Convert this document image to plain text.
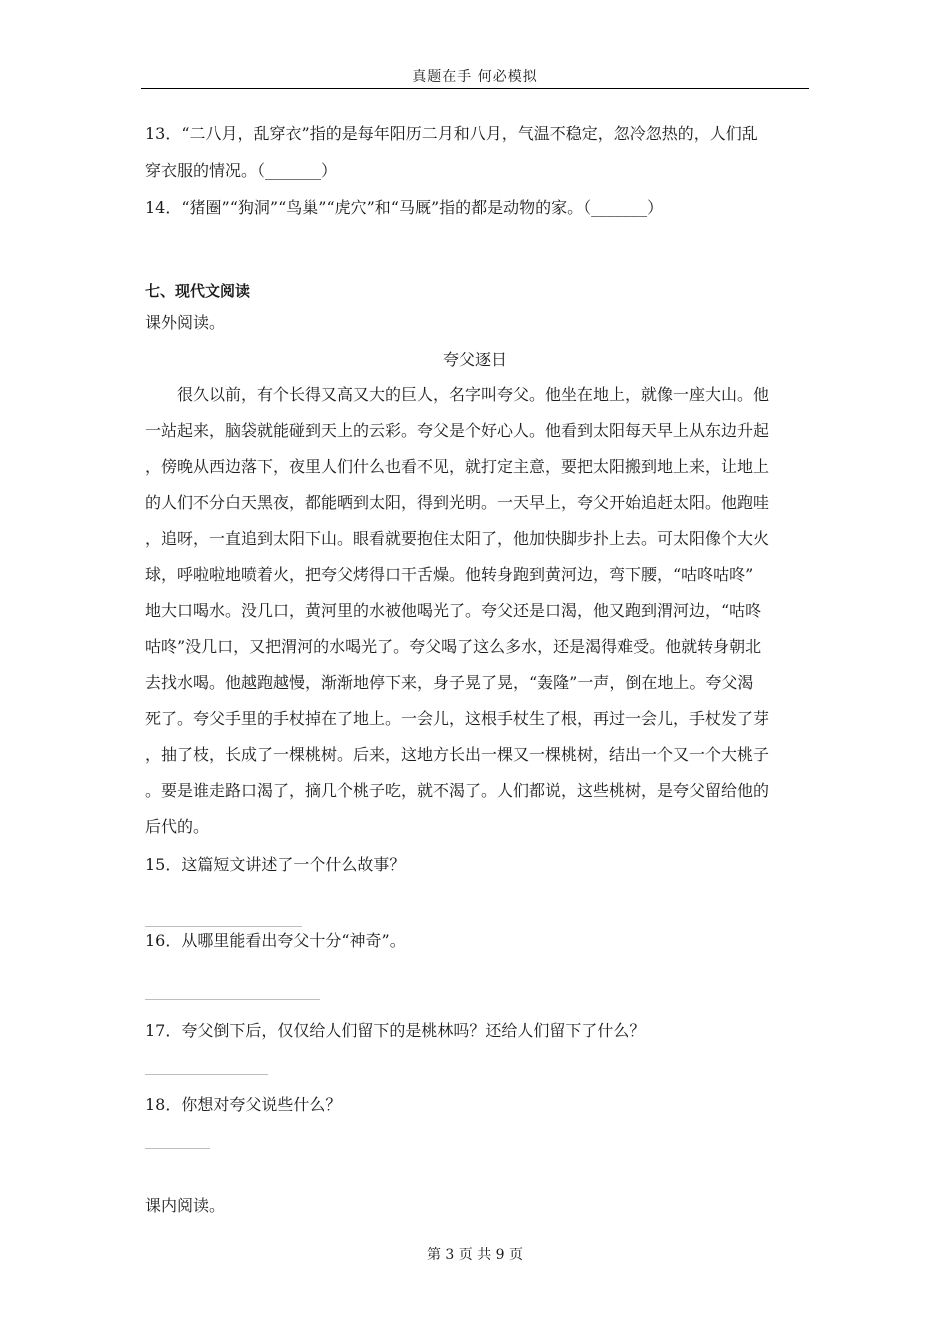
真题在手 何必模拟
13．“二八月，乱穿衣”指的是每年阳历二月和八月，气温不稳定，忽冷忽热的，人们乱
穿衣服的情况。（_______）
14．“猪圈”“狗洞”“鸟巢”“虎穴”和“马厩”指的都是动物的家。（_______）
七、现代文阅读
课外阅读。
夸父逐日
很久以前，有个长得又高又大的巨人，名字叫夸父。他坐在地上，就像一座大山。他
一站起来，脑袋就能碰到天上的云彩。夸父是个好心人。他看到太阳每天早上从东边升起
，傍晚从西边落下，夜里人们什么也看不见，就打定主意，要把太阳搬到地上来，让地上
的人们不分白天黑夜，都能晒到太阳，得到光明。一天早上，夸父开始追赶太阳。他跑哇
，追呀，一直追到太阳下山。眼看就要抱住太阳了，他加快脚步扑上去。可太阳像个大火
球，呼啦啦地喷着火，把夸父烤得口干舌燥。他转身跑到黄河边，弯下腰，“咕咚咕咚”
地大口喝水。没几口，黄河里的水被他喝光了。夸父还是口渴，他又跑到渭河边，“咕咚
咕咚”没几口，又把渭河的水喝光了。夸父喝了这么多水，还是渴得难受。他就转身朝北
去找水喝。他越跑越慢，渐渐地停下来，身子晃了晃，“轰隆”一声，倒在地上。夸父渴
死了。夸父手里的手杖掉在了地上。一会儿，这根手杖生了根，再过一会儿，手杖发了芽
，抽了枝，长成了一棵桃树。后来，这地方长出一棵又一棵桃树，结出一个又一个大桃子
。要是谁走路口渴了，摘几个桃子吃，就不渴了。人们都说，这些桃树，是夸父留给他的
后代的。
15．这篇短文讲述了一个什么故事？
16．从哪里能看出夸父十分“神奇”。
17．夸父倒下后，仅仅给人们留下的是桃林吗？还给人们留下了什么？
18．你想对夸父说些什么？
课内阅读。
第 3 页 共 9 页
